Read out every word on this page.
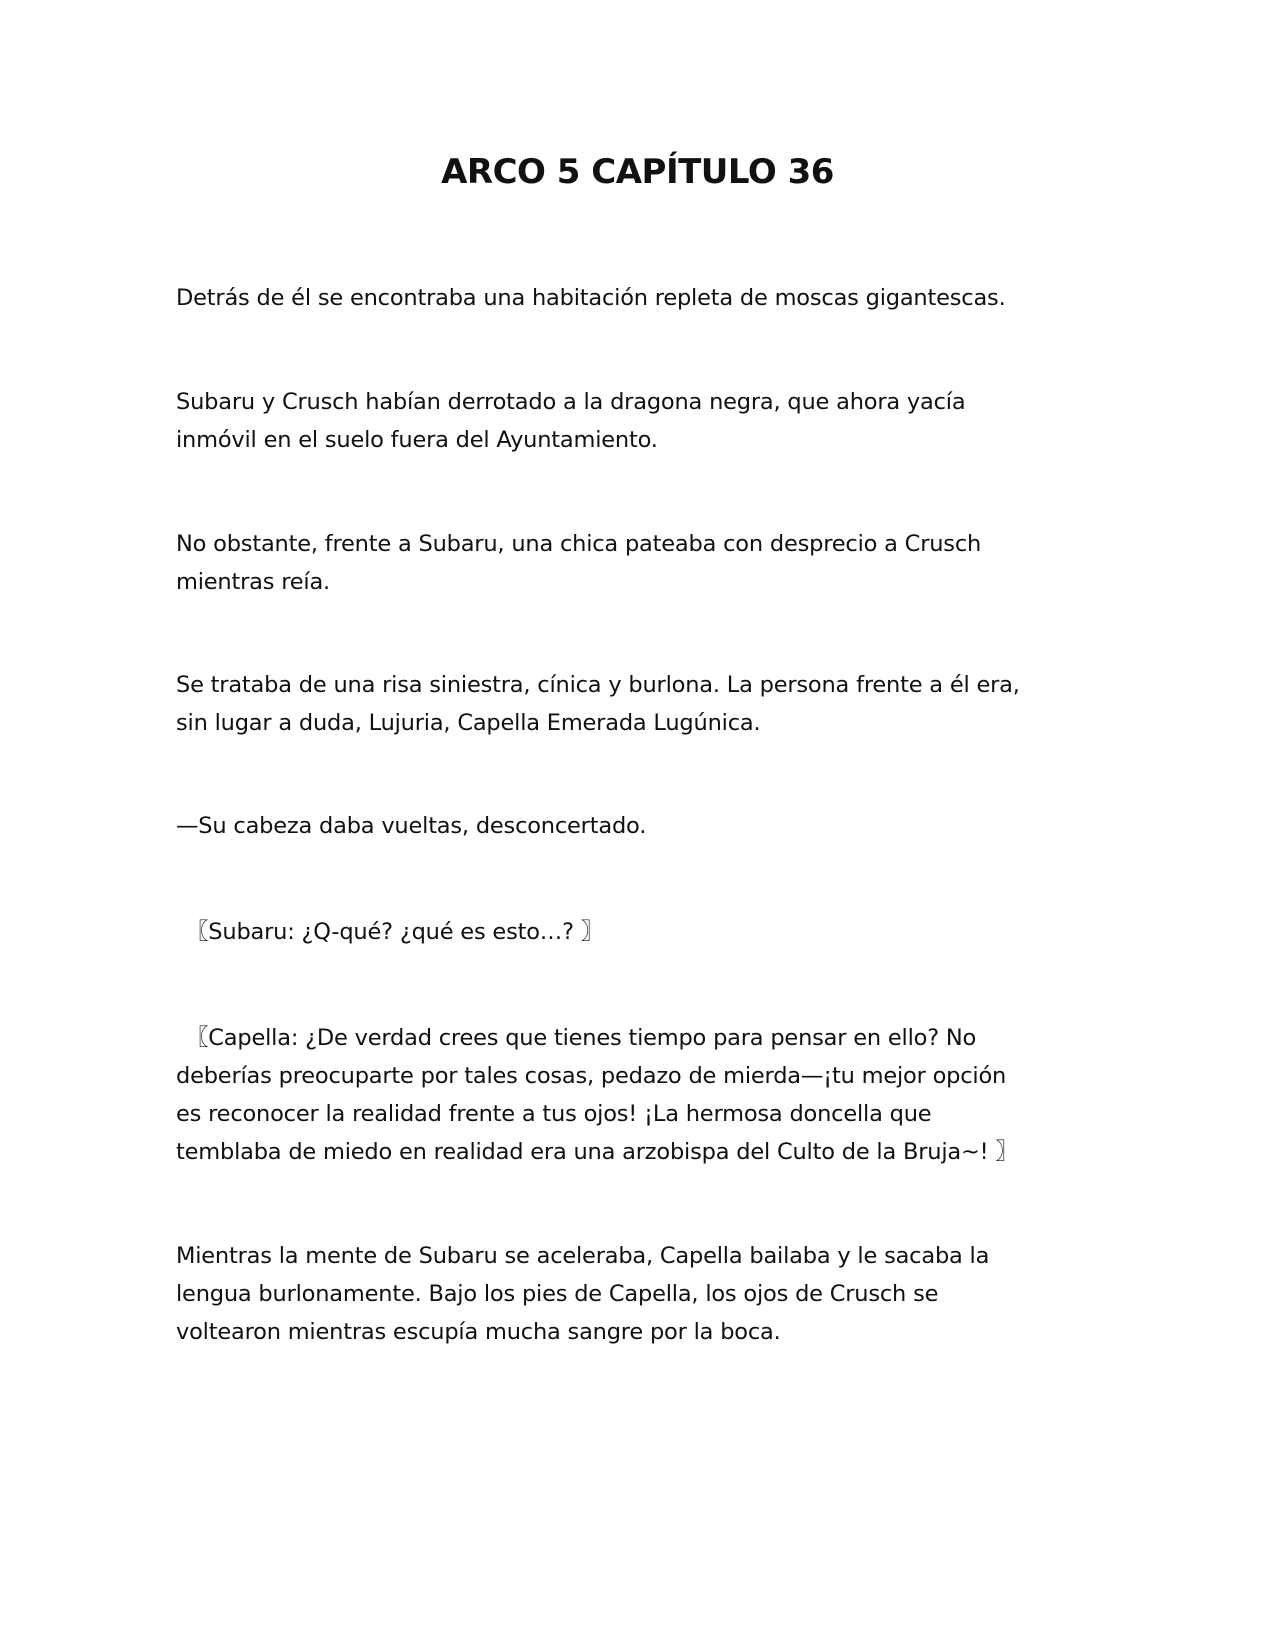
ARCO 5 CAPÍTULO 36

Detrás de él se encontraba una habitación repleta de moscas gigantescas.

Subaru y Crusch habían derrotado a la dragona negra, que ahora yacía
inmóvil en el suelo fuera del Ayuntamiento.

No obstante, frente a Subaru, una chica pateaba con desprecio a Crusch
mientras reía.

Se trataba de una risa siniestra, cínica y burlona. La persona frente a él era,
sin lugar a duda, Lujuria, Capella Emerada Lugúnica.

—Su cabeza daba vueltas, desconcertado.

〖Subaru: ¿Q-qué? ¿qué es esto…? 〗

〖Capella: ¿De verdad crees que tienes tiempo para pensar en ello? No
deberías preocuparte por tales cosas, pedazo de mierda—¡tu mejor opción
es reconocer la realidad frente a tus ojos! ¡La hermosa doncella que
temblaba de miedo en realidad era una arzobispa del Culto de la Bruja~! 〗

Mientras la mente de Subaru se aceleraba, Capella bailaba y le sacaba la
lengua burlonamente. Bajo los pies de Capella, los ojos de Crusch se
voltearon mientras escupía mucha sangre por la boca.
